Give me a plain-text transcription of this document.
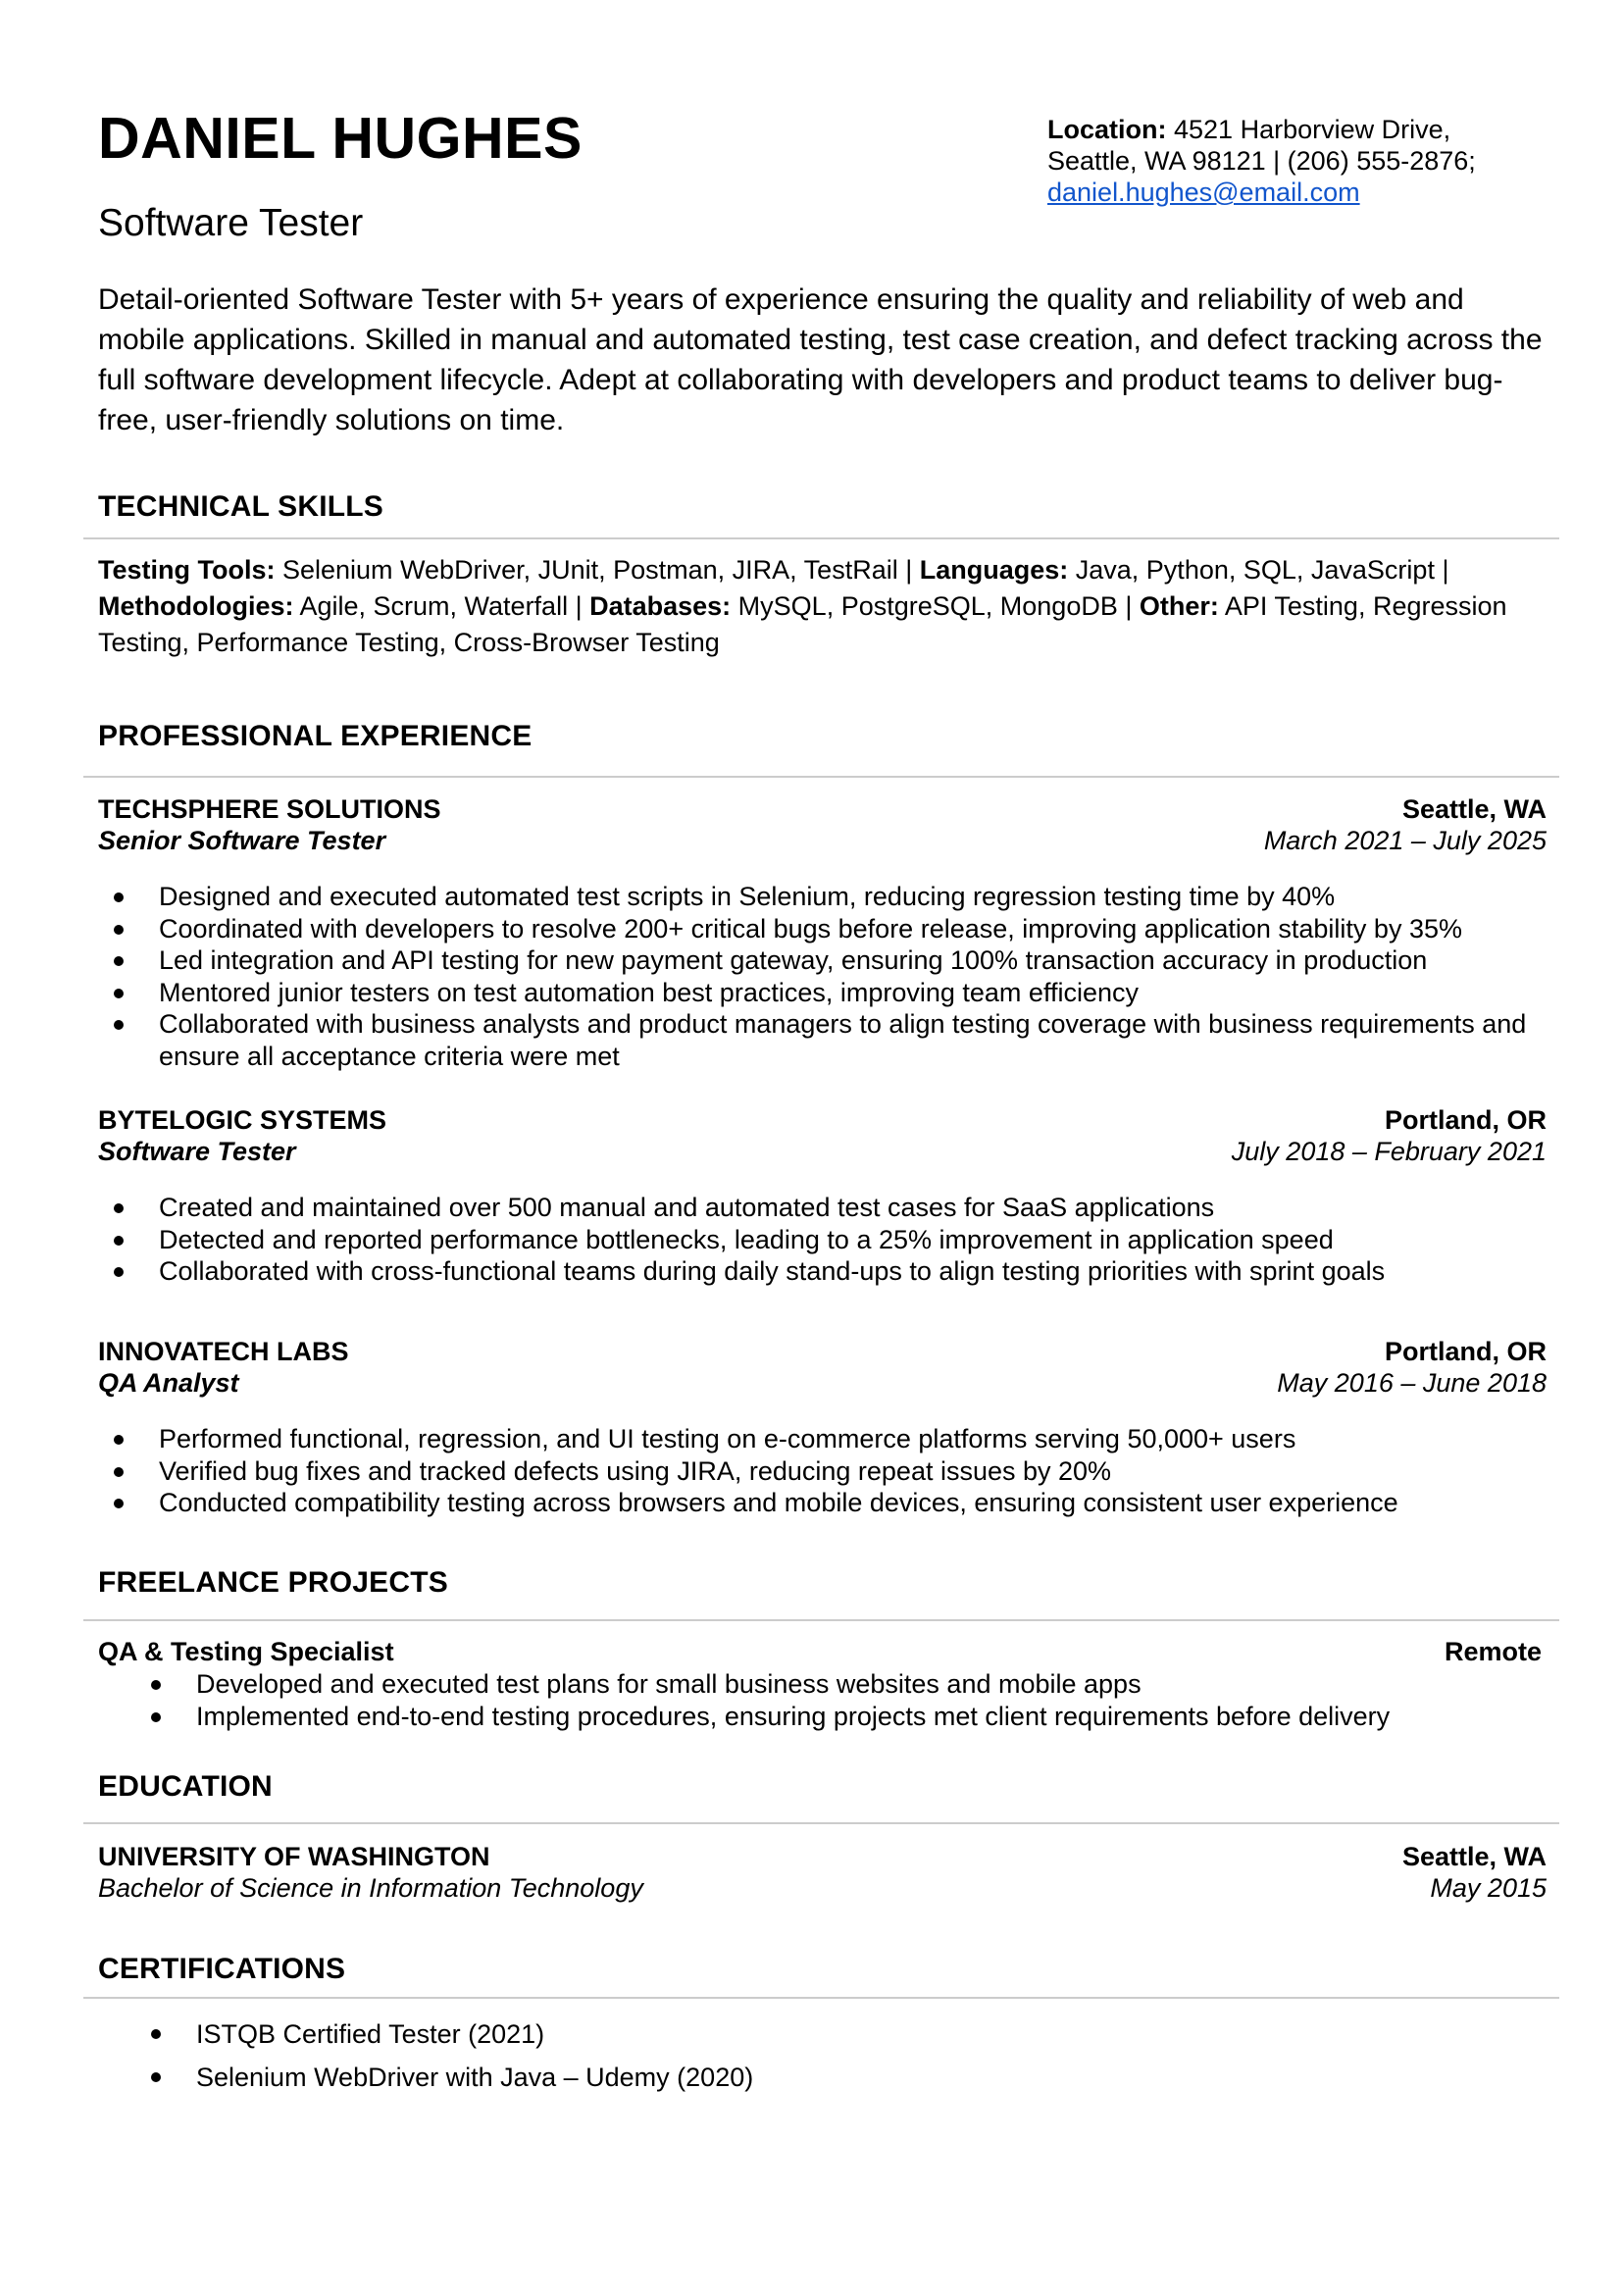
DANIEL HUGHES
Software Tester
Location: 4521 Harborview Drive,
Seattle, WA 98121 | (206) 555-2876;
daniel.hughes@email.com
Detail-oriented Software Tester with 5+ years of experience ensuring the quality and reliability of web and mobile applications. Skilled in manual and automated testing, test case creation, and defect tracking across the full software development lifecycle. Adept at collaborating with developers and product teams to deliver bug-free, user-friendly solutions on time.
TECHNICAL SKILLS
Testing Tools: Selenium WebDriver, JUnit, Postman, JIRA, TestRail | Languages: Java, Python, SQL, JavaScript | Methodologies: Agile, Scrum, Waterfall | Databases: MySQL, PostgreSQL, MongoDB | Other: API Testing, Regression Testing, Performance Testing, Cross-Browser Testing
PROFESSIONAL EXPERIENCE
TECHSPHERE SOLUTIONS	Seattle, WA
Senior Software Tester	March 2021 – July 2025
Designed and executed automated test scripts in Selenium, reducing regression testing time by 40%
Coordinated with developers to resolve 200+ critical bugs before release, improving application stability by 35%
Led integration and API testing for new payment gateway, ensuring 100% transaction accuracy in production
Mentored junior testers on test automation best practices, improving team efficiency
Collaborated with business analysts and product managers to align testing coverage with business requirements and ensure all acceptance criteria were met
BYTELOGIC SYSTEMS	Portland, OR
Software Tester	July 2018 – February 2021
Created and maintained over 500 manual and automated test cases for SaaS applications
Detected and reported performance bottlenecks, leading to a 25% improvement in application speed
Collaborated with cross-functional teams during daily stand-ups to align testing priorities with sprint goals
INNOVATECH LABS	Portland, OR
QA Analyst	May 2016 – June 2018
Performed functional, regression, and UI testing on e-commerce platforms serving 50,000+ users
Verified bug fixes and tracked defects using JIRA, reducing repeat issues by 20%
Conducted compatibility testing across browsers and mobile devices, ensuring consistent user experience
FREELANCE PROJECTS
QA & Testing Specialist	Remote
Developed and executed test plans for small business websites and mobile apps
Implemented end-to-end testing procedures, ensuring projects met client requirements before delivery
EDUCATION
UNIVERSITY OF WASHINGTON	Seattle, WA
Bachelor of Science in Information Technology	May 2015
CERTIFICATIONS
ISTQB Certified Tester (2021)
Selenium WebDriver with Java – Udemy (2020)
